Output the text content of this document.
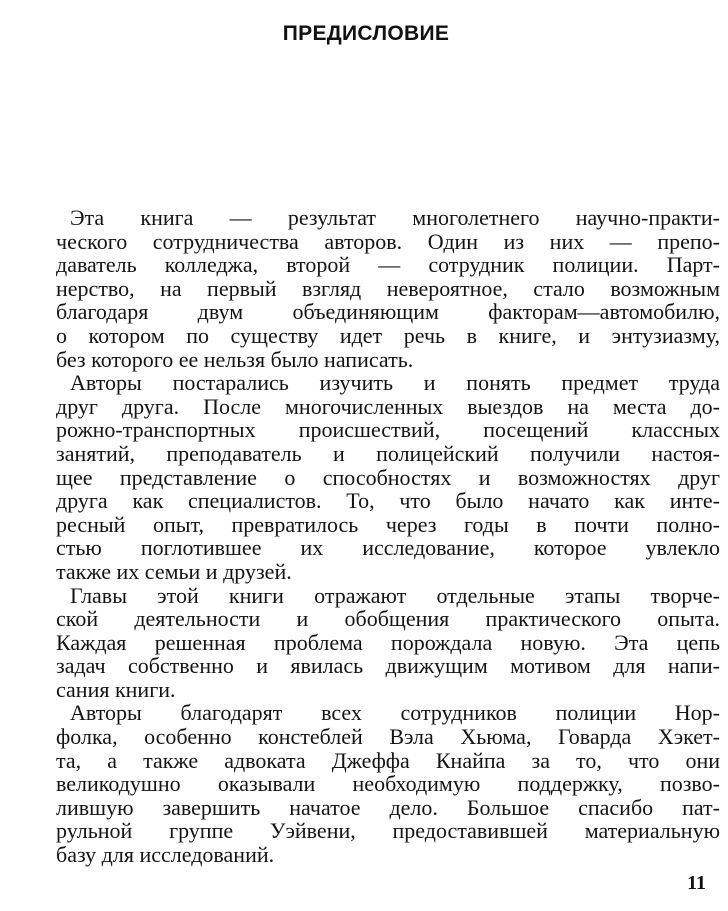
ПРЕДИСЛОВИЕ
Эта книга — результат многолетнего научно-практи-
ческого сотрудничества авторов. Один из них — препо-
даватель колледжа, второй — сотрудник полиции. Парт-
нерство, на первый взгляд невероятное, стало возможным
благодаря двум объединяющим факторам—автомобилю,
о котором по существу идет речь в книге, и энтузиазму,
без которого ее нельзя было написать.
Авторы постарались изучить и понять предмет труда
друг друга. После многочисленных выездов на места до-
рожно-транспортных происшествий, посещений классных
занятий, преподаватель и полицейский получили настоя-
щее представление о способностях и возможностях друг
друга как специалистов. То, что было начато как инте-
ресный опыт, превратилось через годы в почти полно-
стью поглотившее их исследование, которое увлекло
также их семьи и друзей.
Главы этой книги отражают отдельные этапы творче-
ской деятельности и обобщения практического опыта.
Каждая решенная проблема порождала новую. Эта цепь
задач собственно и явилась движущим мотивом для напи-
сания книги.
Авторы благодарят всех сотрудников полиции Нор-
фолка, особенно констеблей Вэла Хьюма, Говарда Хэкет-
та, а также адвоката Джеффа Кнайпа за то, что они
великодушно оказывали необходимую поддержку, позво-
лившую завершить начатое дело. Большое спасибо пат-
рульной группе Уэйвени, предоставившей материальную
базу для исследований.
11
